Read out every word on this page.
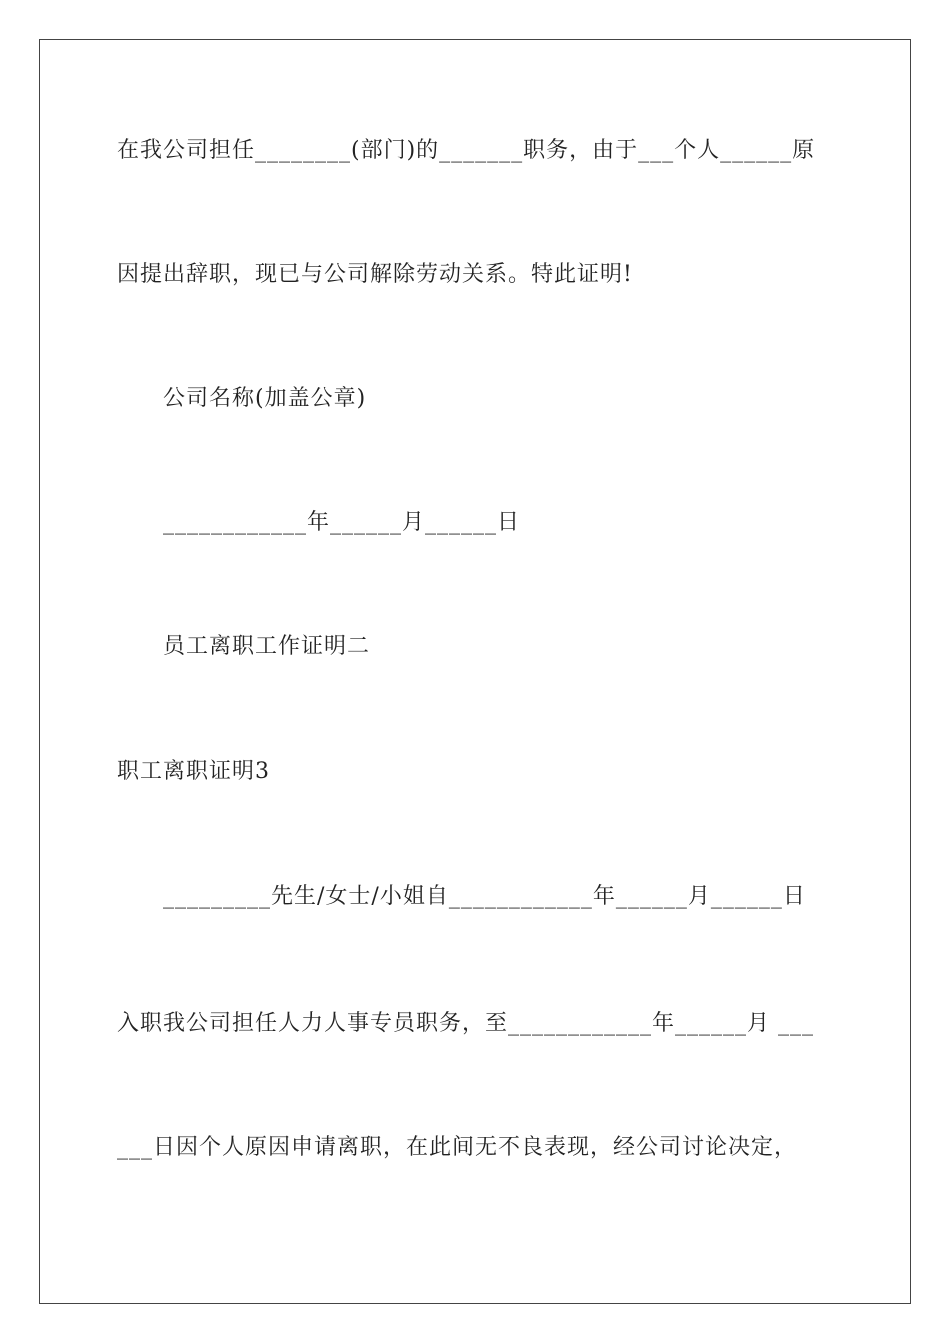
在我公司担任________(部门)的_______职务，由于___个人______原
因提出辞职，现已与公司解除劳动关系。特此证明!
公司名称(加盖公章)
____________年______月______日
员工离职工作证明二
职工离职证明3
_________先生/女士/小姐自____________年______月______日
入职我公司担任人力人事专员职务，至____________年______月 ___
___日因个人原因申请离职，在此间无不良表现，经公司讨论决定，
